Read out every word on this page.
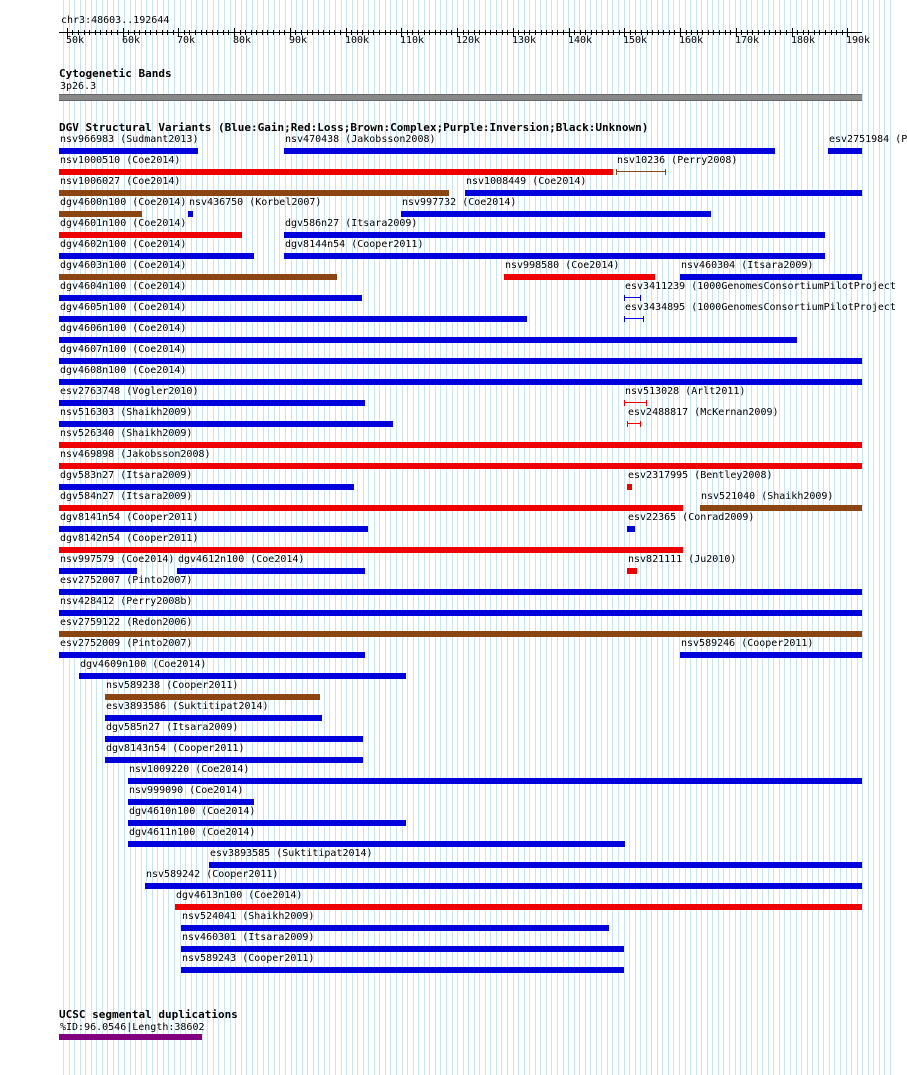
chr3:48603..192644
50k	60k	70k	80k	90k	100k	110k	120k	130k	140k	150k	160k	170k	180k	190k
Cytogenetic Bands
3p26.3
DGV Structural Variants (Blue:Gain;Red:Loss;Brown:Complex;Purple:Inversion;Black:Unknown)
nsv966983 (Sudmant2013)	nsv470438 (Jakobsson2008)	esv2751984 (P
nsv1000510 (Coe2014)	nsv10236 (Perry2008)
nsv1006027 (Coe2014)	nsv1008449 (Coe2014)
dgv4600n100 (Coe2014) nsv436750 (Korbel2007)	nsv997732 (Coe2014)
dgv4601n100 (Coe2014)	dgv586n27 (Itsara2009)
dgv4602n100 (Coe2014)	dgv8144n54 (Cooper2011)
dgv4603n100 (Coe2014)	nsv998580 (Coe2014)	nsv460304 (Itsara2009)
dgv4604n100 (Coe2014)	esv3411239 (1000GenomesConsortiumPilotProject
dgv4605n100 (Coe2014)	esv3434895 (1000GenomesConsortiumPilotProject
dgv4606n100 (Coe2014)
dgv4607n100 (Coe2014)
dgv4608n100 (Coe2014)
esv2763748 (Vogler2010)	nsv513028 (Arlt2011)
nsv516303 (Shaikh2009)	esv2488817 (McKernan2009)
nsv526340 (Shaikh2009)
nsv469898 (Jakobsson2008)
dgv583n27 (Itsara2009)	esv2317995 (Bentley2008)
dgv584n27 (Itsara2009)	nsv521040 (Shaikh2009)
dgv8141n54 (Cooper2011)	esv22365 (Conrad2009)
dgv8142n54 (Cooper2011)
nsv997579 (Coe2014) dgv4612n100 (Coe2014)	nsv821111 (Ju2010)
esv2752007 (Pinto2007)
nsv428412 (Perry2008b)
esv2759122 (Redon2006)
esv2752009 (Pinto2007)	nsv589246 (Cooper2011)
dgv4609n100 (Coe2014)
nsv589238 (Cooper2011)
esv3893586 (Suktitipat2014)
dgv585n27 (Itsara2009)
dgv8143n54 (Cooper2011)
nsv1009220 (Coe2014)
nsv999090 (Coe2014)
dgv4610n100 (Coe2014)
dgv4611n100 (Coe2014)
esv3893585 (Suktitipat2014)
nsv589242 (Cooper2011)
dgv4613n100 (Coe2014)
nsv524041 (Shaikh2009)
nsv460301 (Itsara2009)
nsv589243 (Cooper2011)
UCSC segmental duplications
%ID:96.0546|Length:38602
